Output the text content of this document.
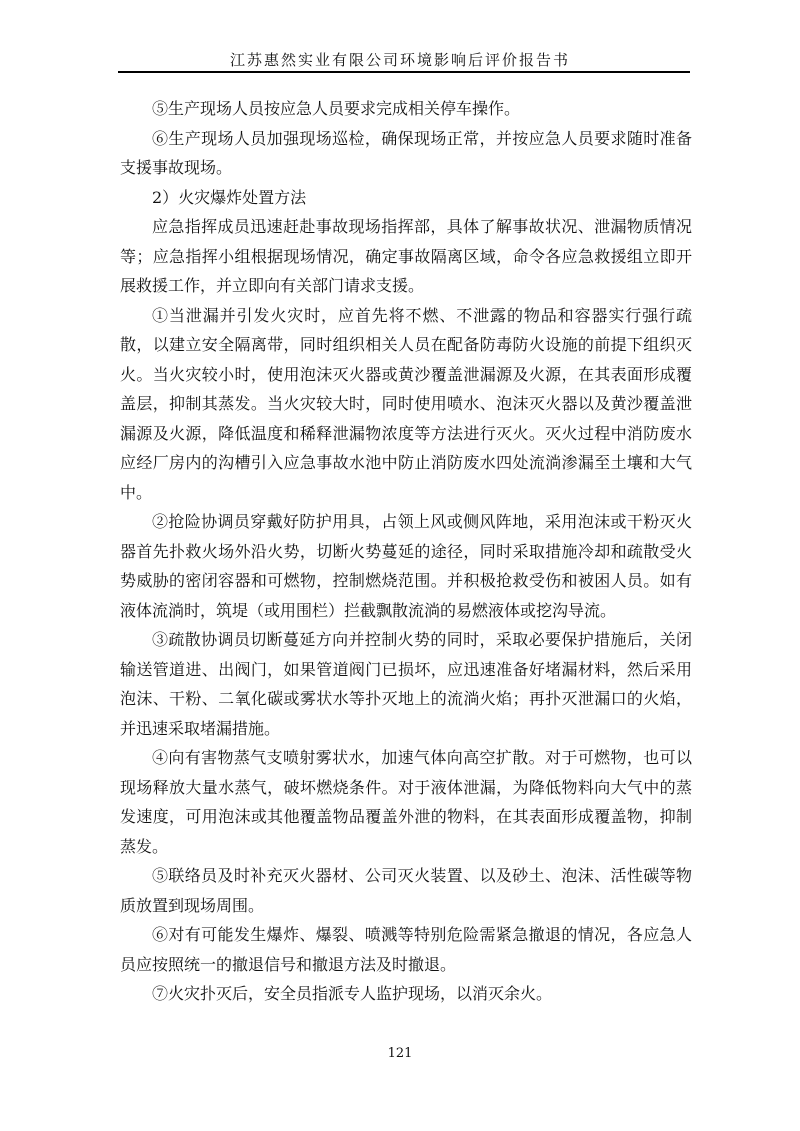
江苏惠然实业有限公司环境影响后评价报告书

⑤生产现场人员按应急人员要求完成相关停车操作。

⑥生产现场人员加强现场巡检，确保现场正常，并按应急人员要求随时准备支援事故现场。

2）火灾爆炸处置方法

应急指挥成员迅速赶赴事故现场指挥部，具体了解事故状况、泄漏物质情况等；应急指挥小组根据现场情况，确定事故隔离区域，命令各应急救援组立即开展救援工作，并立即向有关部门请求支援。

①当泄漏并引发火灾时，应首先将不燃、不泄露的物品和容器实行强行疏散，以建立安全隔离带，同时组织相关人员在配备防毒防火设施的前提下组织灭火。当火灾较小时，使用泡沫灭火器或黄沙覆盖泄漏源及火源，在其表面形成覆盖层，抑制其蒸发。当火灾较大时，同时使用喷水、泡沫灭火器以及黄沙覆盖泄漏源及火源，降低温度和稀释泄漏物浓度等方法进行灭火。灭火过程中消防废水应经厂房内的沟槽引入应急事故水池中防止消防废水四处流淌渗漏至土壤和大气中。

②抢险协调员穿戴好防护用具，占领上风或侧风阵地，采用泡沫或干粉灭火器首先扑救火场外沿火势，切断火势蔓延的途径，同时采取措施冷却和疏散受火势威胁的密闭容器和可燃物，控制燃烧范围。并积极抢救受伤和被困人员。如有液体流淌时，筑堤（或用围栏）拦截飘散流淌的易燃液体或挖沟导流。

③疏散协调员切断蔓延方向并控制火势的同时，采取必要保护措施后，关闭输送管道进、出阀门，如果管道阀门已损坏，应迅速准备好堵漏材料，然后采用泡沫、干粉、二氧化碳或雾状水等扑灭地上的流淌火焰；再扑灭泄漏口的火焰，并迅速采取堵漏措施。

④向有害物蒸气支喷射雾状水，加速气体向高空扩散。对于可燃物，也可以现场释放大量水蒸气，破坏燃烧条件。对于液体泄漏，为降低物料向大气中的蒸发速度，可用泡沫或其他覆盖物品覆盖外泄的物料，在其表面形成覆盖物，抑制蒸发。

⑤联络员及时补充灭火器材、公司灭火装置、以及砂土、泡沫、活性碳等物质放置到现场周围。

⑥对有可能发生爆炸、爆裂、喷溅等特别危险需紧急撤退的情况，各应急人员应按照统一的撤退信号和撤退方法及时撤退。

⑦火灾扑灭后，安全员指派专人监护现场，以消灭余火。

121
